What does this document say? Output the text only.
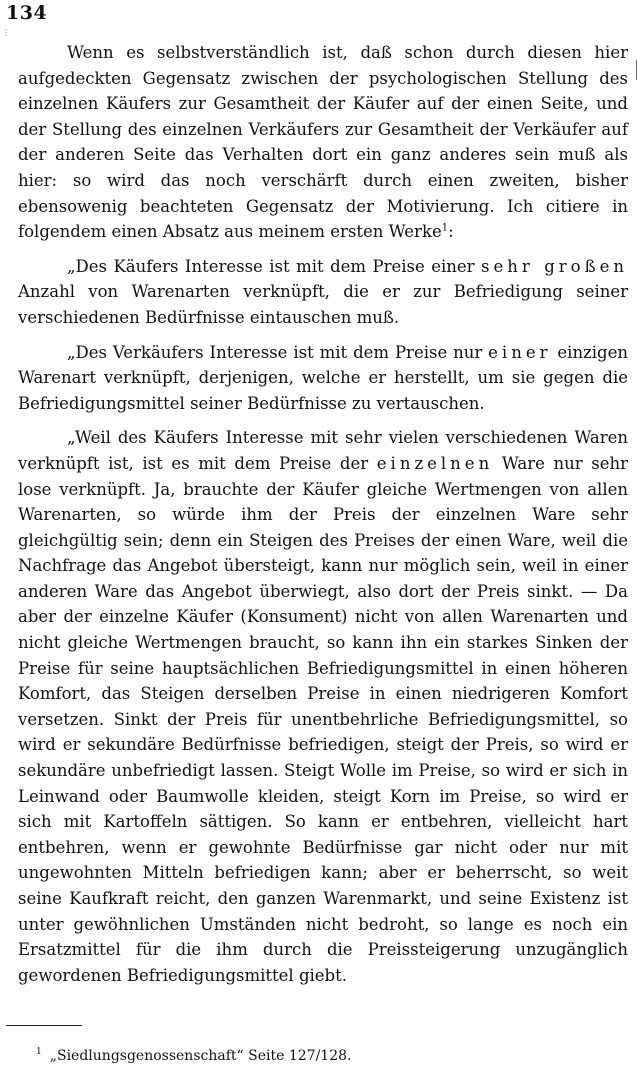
⋮
134

Wenn es selbstverständlich ist, daß schon durch diesen hier aufgedeckten Gegensatz zwischen der psychologischen Stellung des einzelnen Käufers zur Gesamtheit der Käufer auf der einen Seite, und der Stellung des einzelnen Verkäufers zur Gesamtheit der Verkäufer auf der anderen Seite das Verhalten dort ein ganz anderes sein muß als hier: so wird das noch verschärft durch einen zweiten, bisher ebensowenig beachteten Gegensatz der Motivierung. Ich citiere in folgendem einen Absatz aus meinem ersten Werke$^1$:

„Des Käufers Interesse ist mit dem Preise einer sehr großen Anzahl von Warenarten verknüpft, die er zur Befriedigung seiner verschiedenen Bedürfnisse eintauschen muß.

„Des Verkäufers Interesse ist mit dem Preise nur einer einzigen Warenart verknüpft, derjenigen, welche er herstellt, um sie gegen die Befriedigungsmittel seiner Bedürfnisse zu vertauschen.

„Weil des Käufers Interesse mit sehr vielen verschiedenen Waren verknüpft ist, ist es mit dem Preise der einzelnen Ware nur sehr lose verknüpft. Ja, brauchte der Käufer gleiche Wertmengen von allen Warenarten, so würde ihm der Preis der einzelnen Ware sehr gleichgültig sein; denn ein Steigen des Preises der einen Ware, weil die Nachfrage das Angebot übersteigt, kann nur möglich sein, weil in einer anderen Ware das Angebot überwiegt, also dort der Preis sinkt. — Da aber der einzelne Käufer (Konsument) nicht von allen Warenarten und nicht gleiche Wertmengen braucht, so kann ihn ein starkes Sinken der Preise für seine hauptsächlichen Befriedigungsmittel in einen höheren Komfort, das Steigen derselben Preise in einen niedrigeren Komfort versetzen. Sinkt der Preis für unentbehrliche Befriedigungsmittel, so wird er sekundäre Bedürfnisse befriedigen, steigt der Preis, so wird er sekundäre unbefriedigt lassen. Steigt Wolle im Preise, so wird er sich in Leinwand oder Baumwolle kleiden, steigt Korn im Preise, so wird er sich mit Kartoffeln sättigen. So kann er entbehren, vielleicht hart entbehren, wenn er gewohnte Bedürfnisse gar nicht oder nur mit ungewohnten Mitteln befriedigen kann; aber er beherrscht, so weit seine Kaufkraft reicht, den ganzen Warenmarkt, und seine Existenz ist unter gewöhnlichen Umständen nicht bedroht, so lange es noch ein Ersatzmittel für die ihm durch die Preissteigerung unzugänglich gewordenen Befriedigungsmittel giebt.

$^1$ „Siedlungsgenossenschaft“ Seite 127/128.
